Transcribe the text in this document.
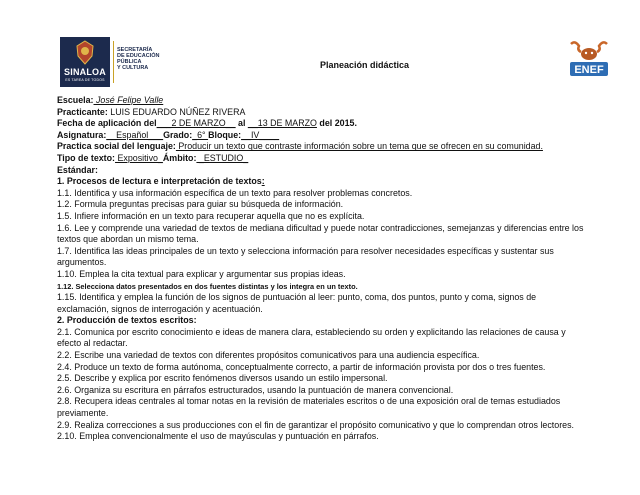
SINALOA
ES TAREA DE TODOS
SECRETARÍA
DE EDUCACIÓN
PÚBLICA
Y CULTURA	Planeación didáctica	ENEF
Escuela: José Felipe Valle
Practicante: LUIS EDUARDO NÚÑEZ RIVERA
Fecha de aplicación del___2 DE MARZO__ al __13 DE MARZO del 2015.
Asignatura:__Español___Grado:_6° Bloque:__IV____
Practica social del lenguaje: Producir un texto que contraste información sobre un tema que se ofrecen en su comunidad.
Tipo de texto: Expositivo_Ámbito: _ESTUDIO_
Estándar:
1. Procesos de lectura e interpretación de textos:
1.1. Identifica y usa información específica de un texto para resolver problemas concretos.
1.2. Formula preguntas precisas para guiar su búsqueda de información.
1.5. Infiere información en un texto para recuperar aquella que no es explícita.
1.6. Lee y comprende una variedad de textos de mediana dificultad y puede notar contradicciones, semejanzas y diferencias entre los textos que abordan un mismo tema.
1.7. Identifica las ideas principales de un texto y selecciona información para resolver necesidades específicas y sustentar sus argumentos.
1.10. Emplea la cita textual para explicar y argumentar sus propias ideas.
1.12. Selecciona datos presentados en dos fuentes distintas y los integra en un texto.
1.15. Identifica y emplea la función de los signos de puntuación al leer: punto, coma, dos puntos, punto y coma, signos de exclamación, signos de interrogación y acentuación.
2. Producción de textos escritos:
2.1. Comunica por escrito conocimiento e ideas de manera clara, estableciendo su orden y explicitando las relaciones de causa y efecto al redactar.
2.2. Escribe una variedad de textos con diferentes propósitos comunicativos para una audiencia específica.
2.4. Produce un texto de forma autónoma, conceptualmente correcto, a partir de información provista por dos o tres fuentes.
2.5. Describe y explica por escrito fenómenos diversos usando un estilo impersonal.
2.6. Organiza su escritura en párrafos estructurados, usando la puntuación de manera convencional.
2.8. Recupera ideas centrales al tomar notas en la revisión de materiales escritos o de una exposición oral de temas estudiados previamente.
2.9. Realiza correcciones a sus producciones con el fin de garantizar el propósito comunicativo y que lo comprendan otros lectores.
2.10. Emplea convencionalmente el uso de mayúsculas y puntuación en párrafos.
